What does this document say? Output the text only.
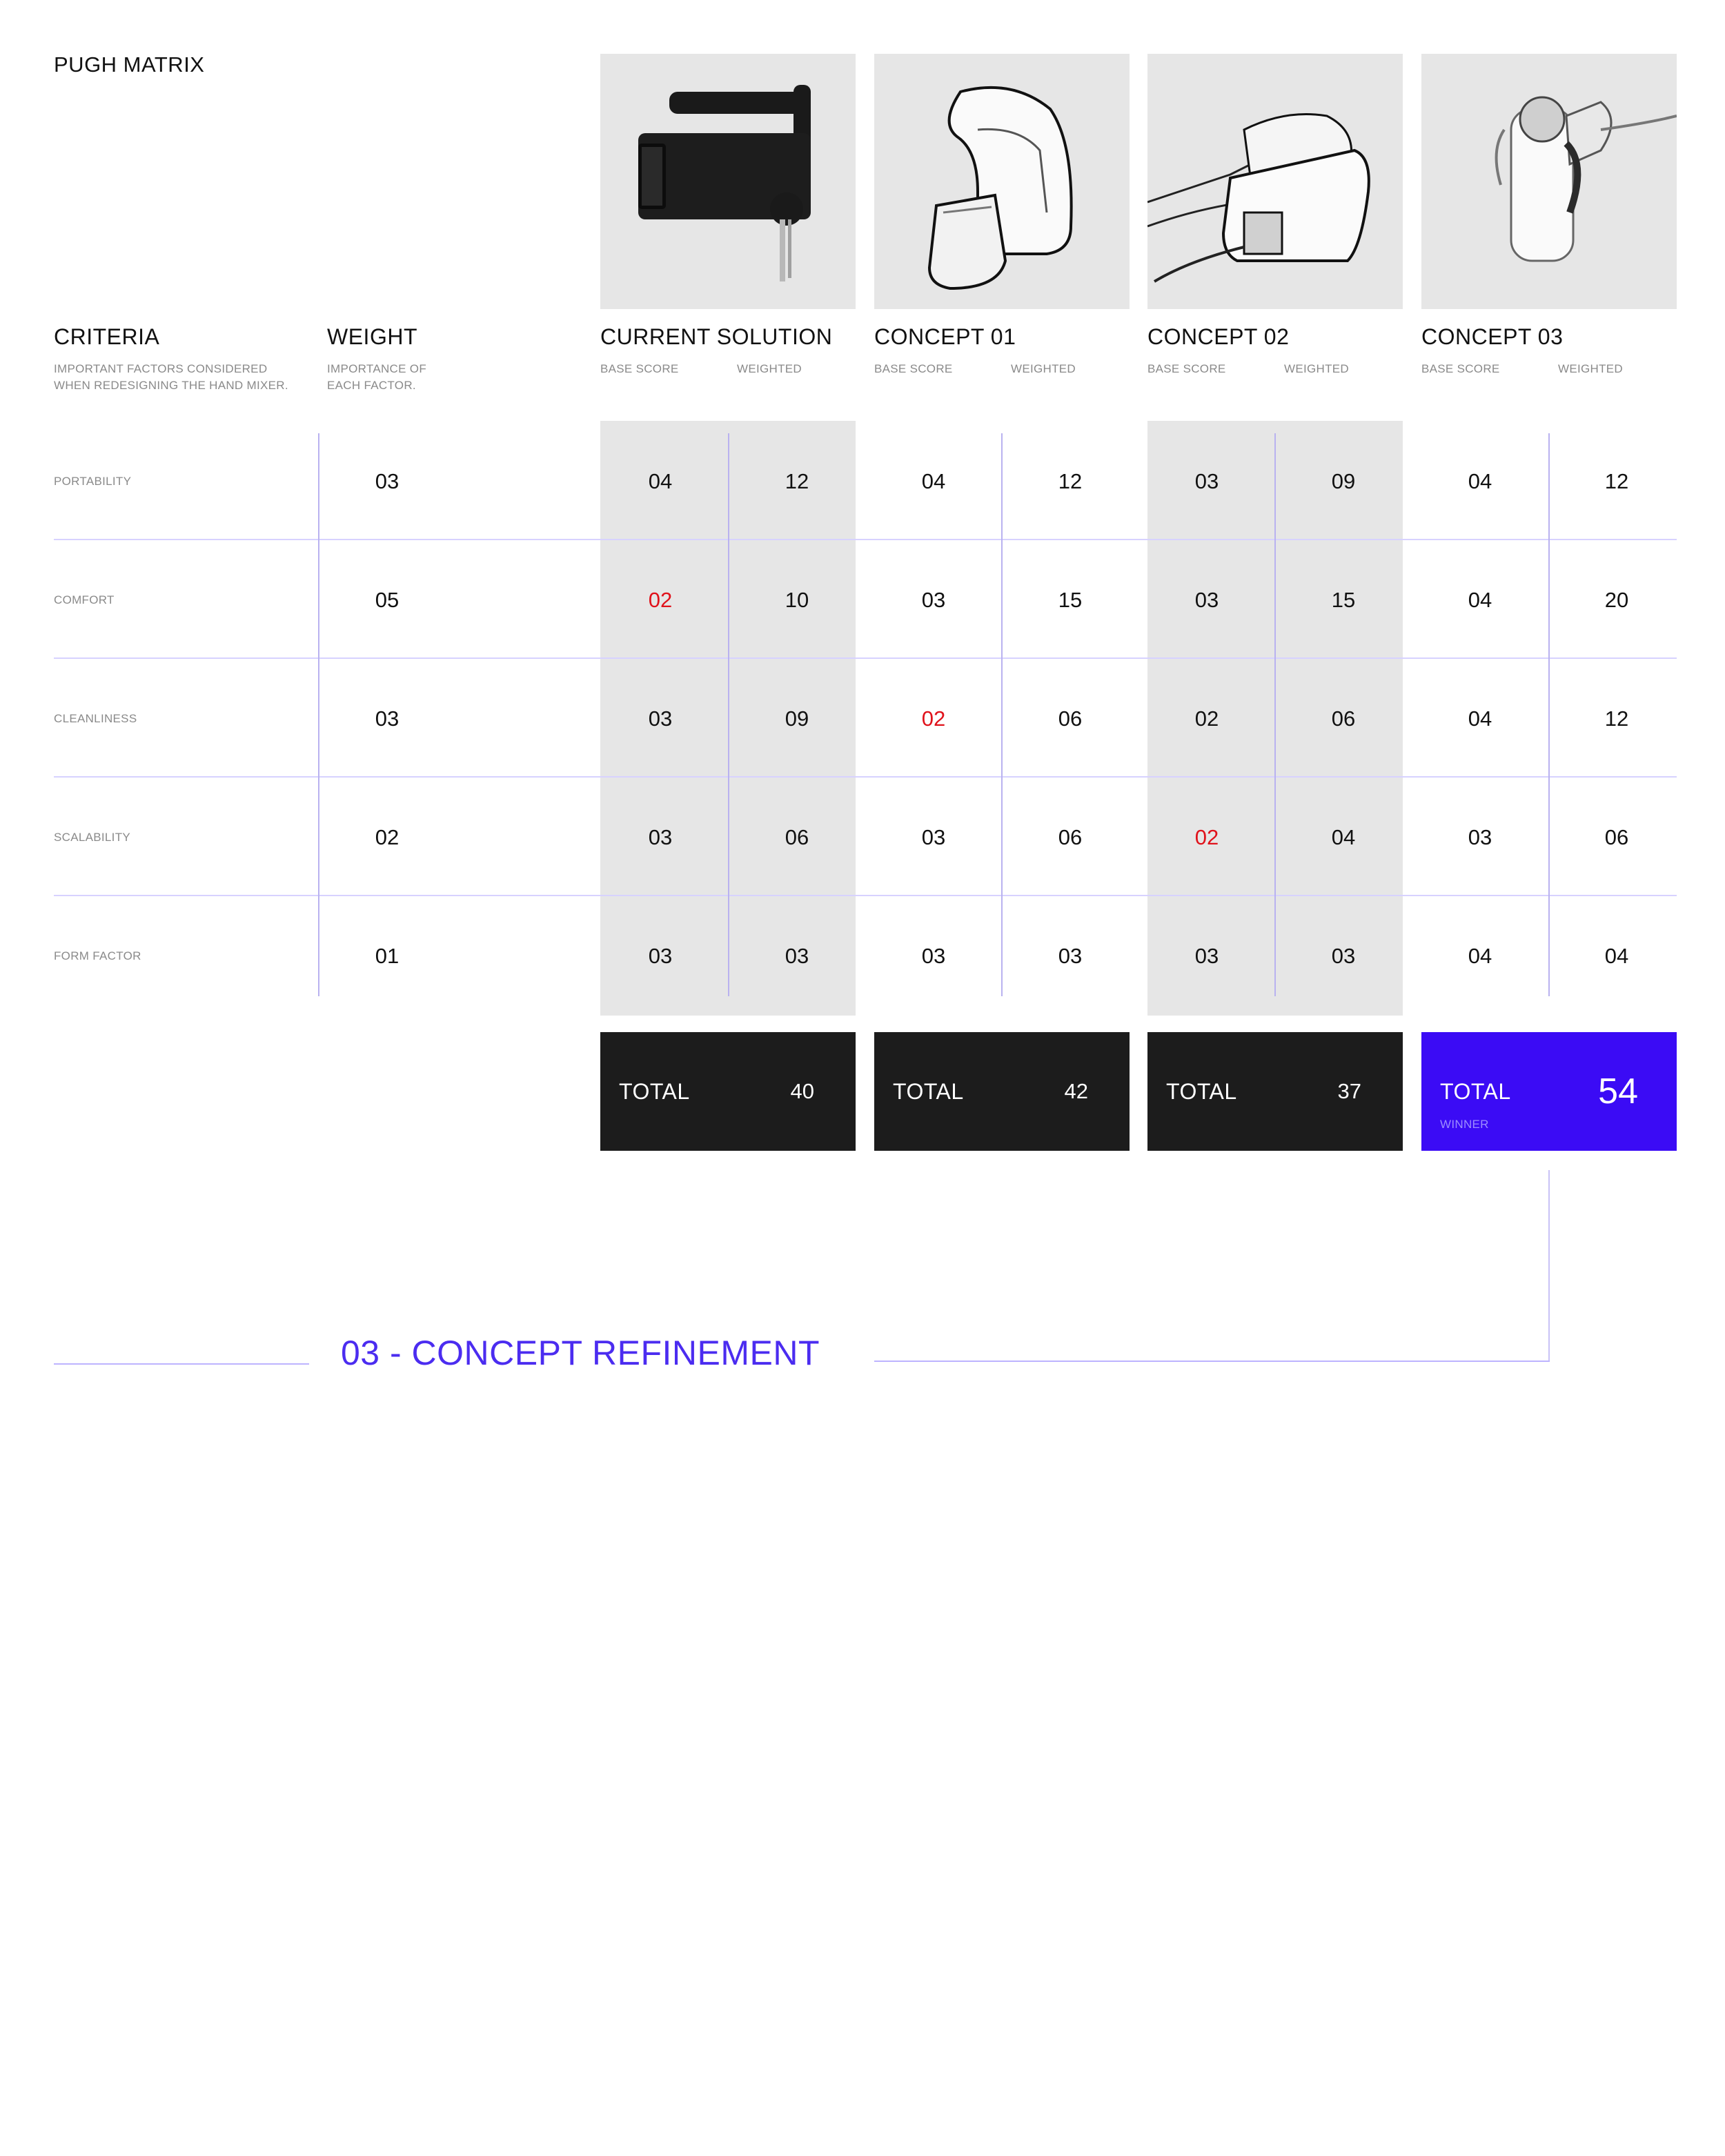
PUGH MATRIX
CRITERIA
IMPORTANT FACTORS CONSIDERED
WHEN REDESIGNING THE HAND MIXER.
WEIGHT
IMPORTANCE OF
EACH FACTOR.
CURRENT SOLUTION
BASE SCORE	WEIGHTED
CONCEPT 01
BASE SCORE	WEIGHTED
CONCEPT 02
BASE SCORE	WEIGHTED
CONCEPT 03
BASE SCORE	WEIGHTED
PORTABILITY	03	04	12	04	12	03	09	04	12
COMFORT	05	02	10	03	15	03	15	04	20
CLEANLINESS	03	03	09	02	06	02	06	04	12
SCALABILITY	02	03	06	03	06	02	04	03	06
FORM FACTOR	01	03	03	03	03	03	03	04	04
TOTAL	40	TOTAL	42	TOTAL	37	TOTAL 54
WINNER
03 - CONCEPT REFINEMENT
